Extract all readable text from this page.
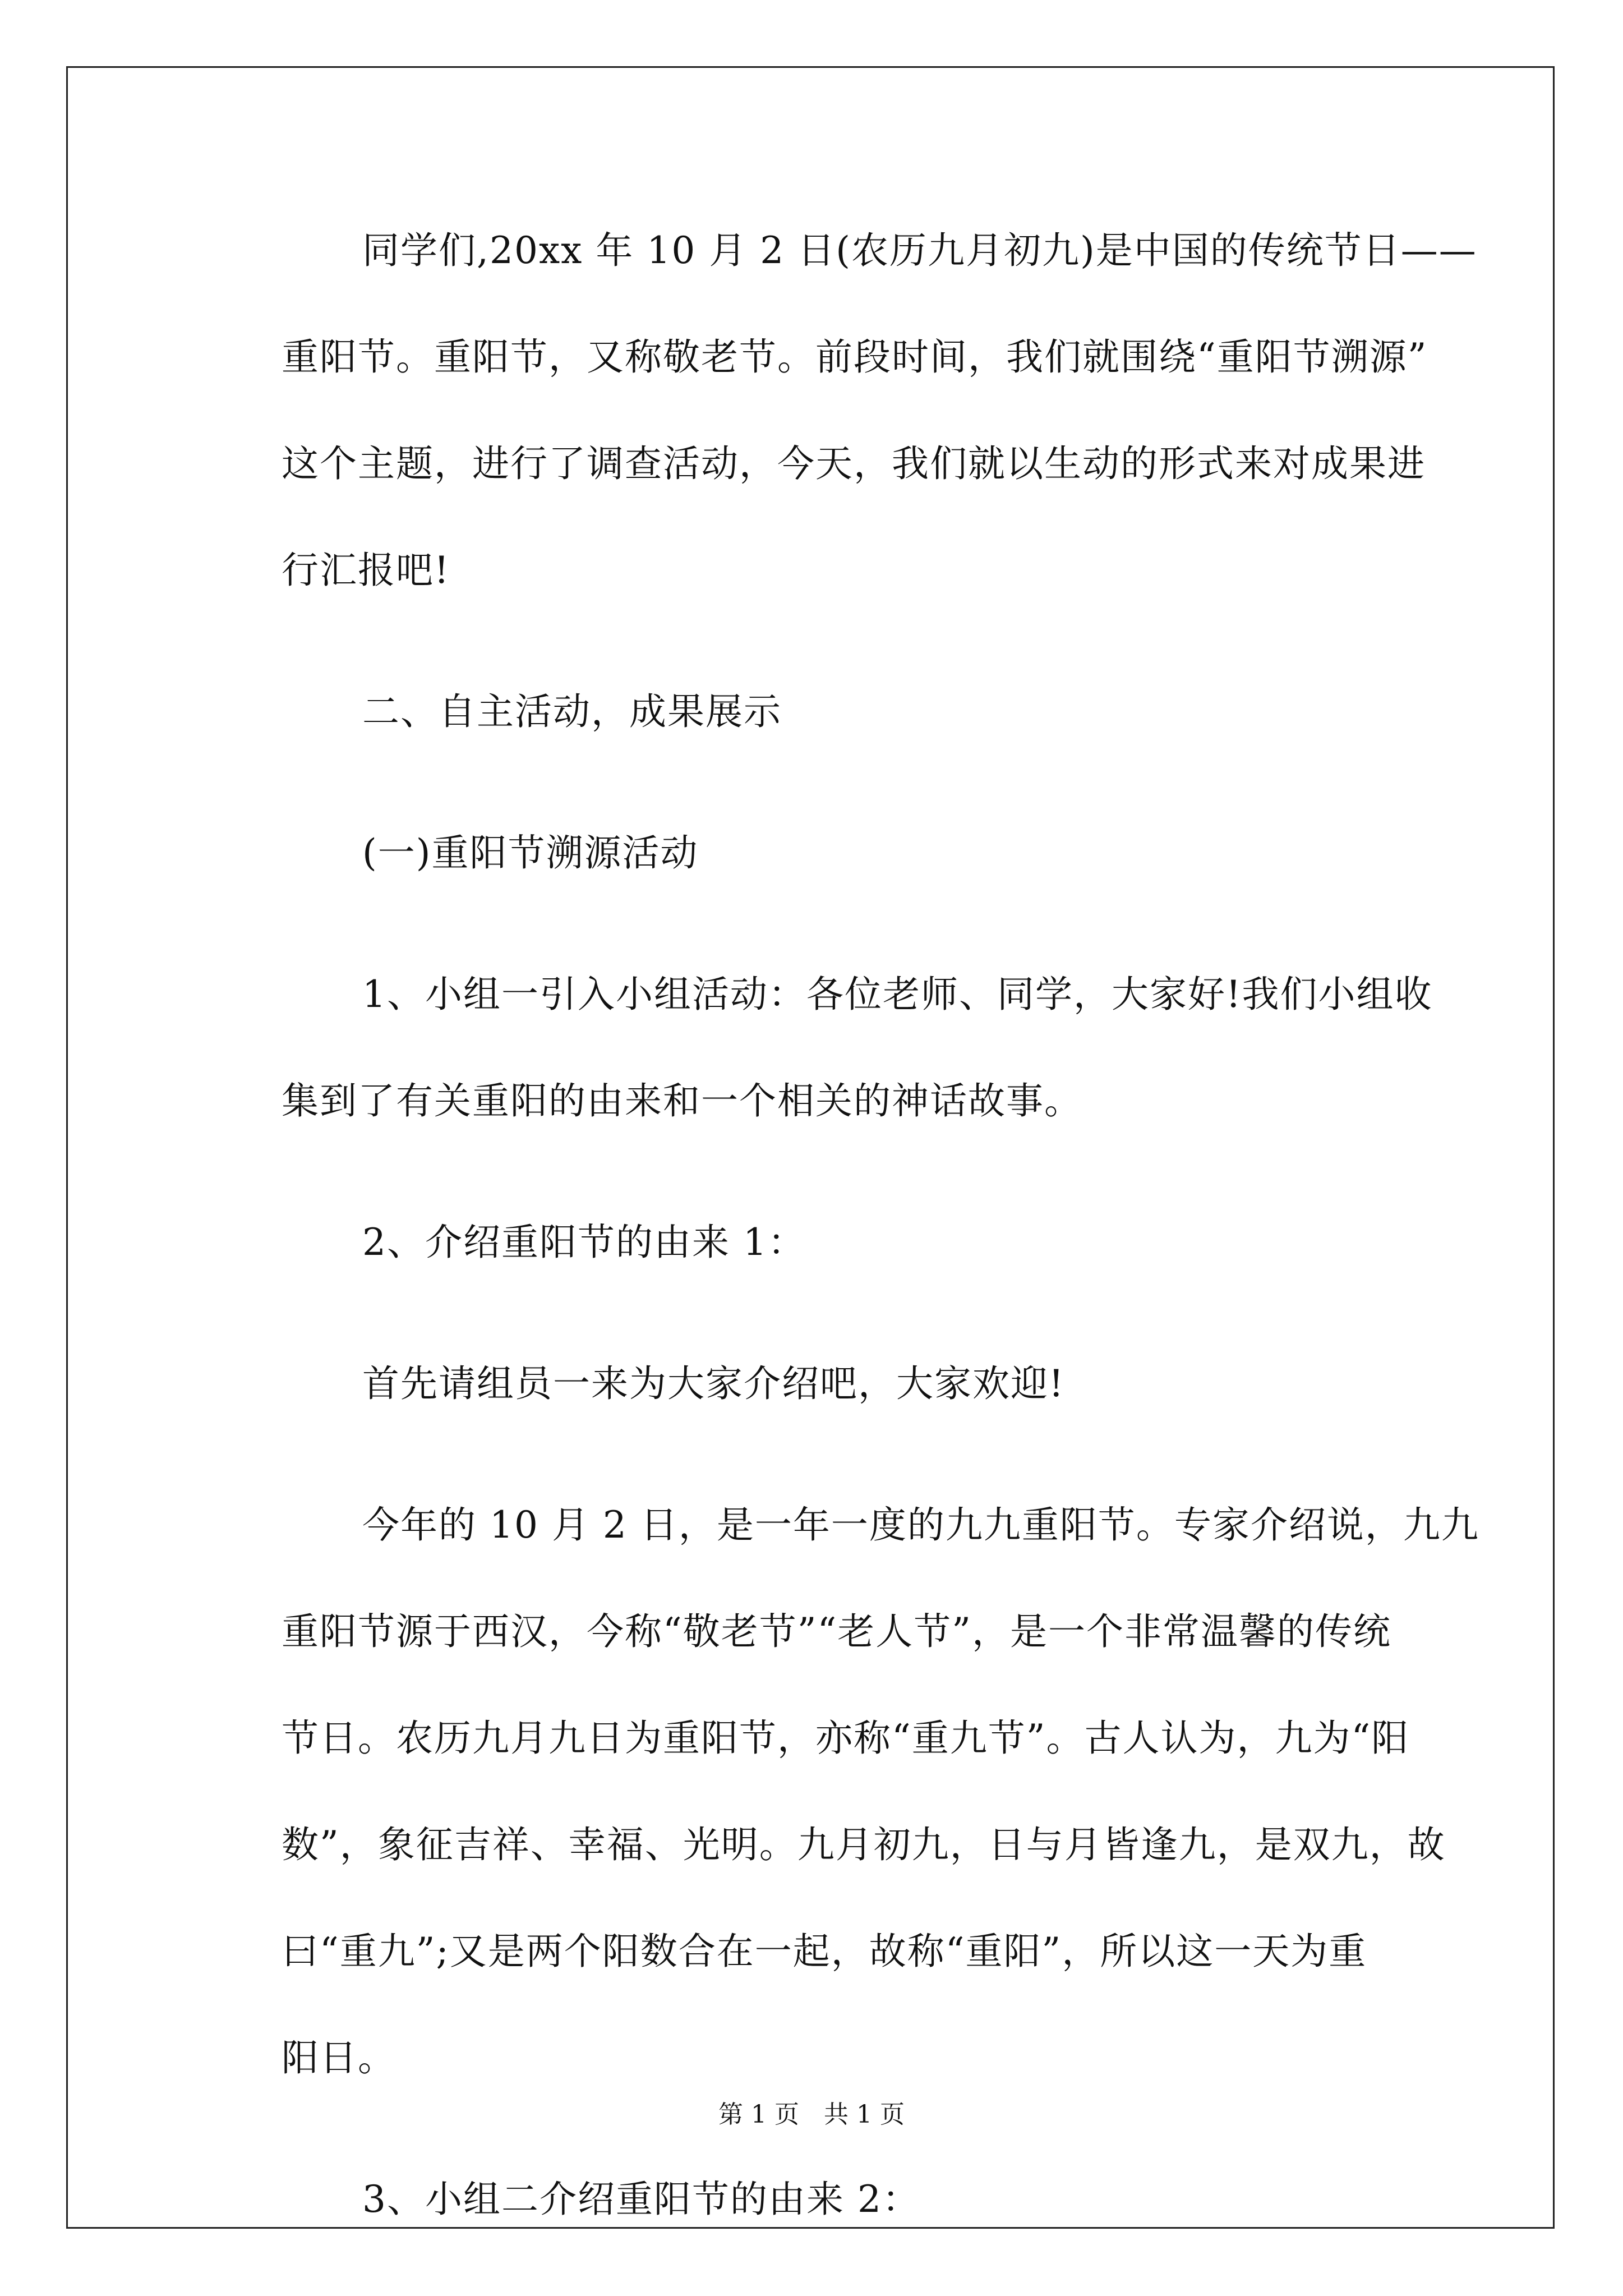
同学们,20xx 年 10 月 2 日(农历九月初九)是中国的传统节日——
重阳节。重阳节，又称敬老节。前段时间，我们就围绕“重阳节溯源”
这个主题，进行了调查活动，今天，我们就以生动的形式来对成果进
行汇报吧!
二、自主活动，成果展示
(一)重阳节溯源活动
1、小组一引入小组活动：各位老师、同学，大家好!我们小组收
集到了有关重阳的由来和一个相关的神话故事。
2、介绍重阳节的由来 1：
首先请组员一来为大家介绍吧，大家欢迎!
今年的 10 月 2 日，是一年一度的九九重阳节。专家介绍说，九九
重阳节源于西汉，今称“敬老节”“老人节”，是一个非常温馨的传统
节日。农历九月九日为重阳节，亦称“重九节”。古人认为，九为“阳
数”，象征吉祥、幸福、光明。九月初九，日与月皆逢九，是双九，故
曰“重九”;又是两个阳数合在一起，故称“重阳”，所以这一天为重
阳日。
3、小组二介绍重阳节的由来 2：
第 1 页　共 1 页
